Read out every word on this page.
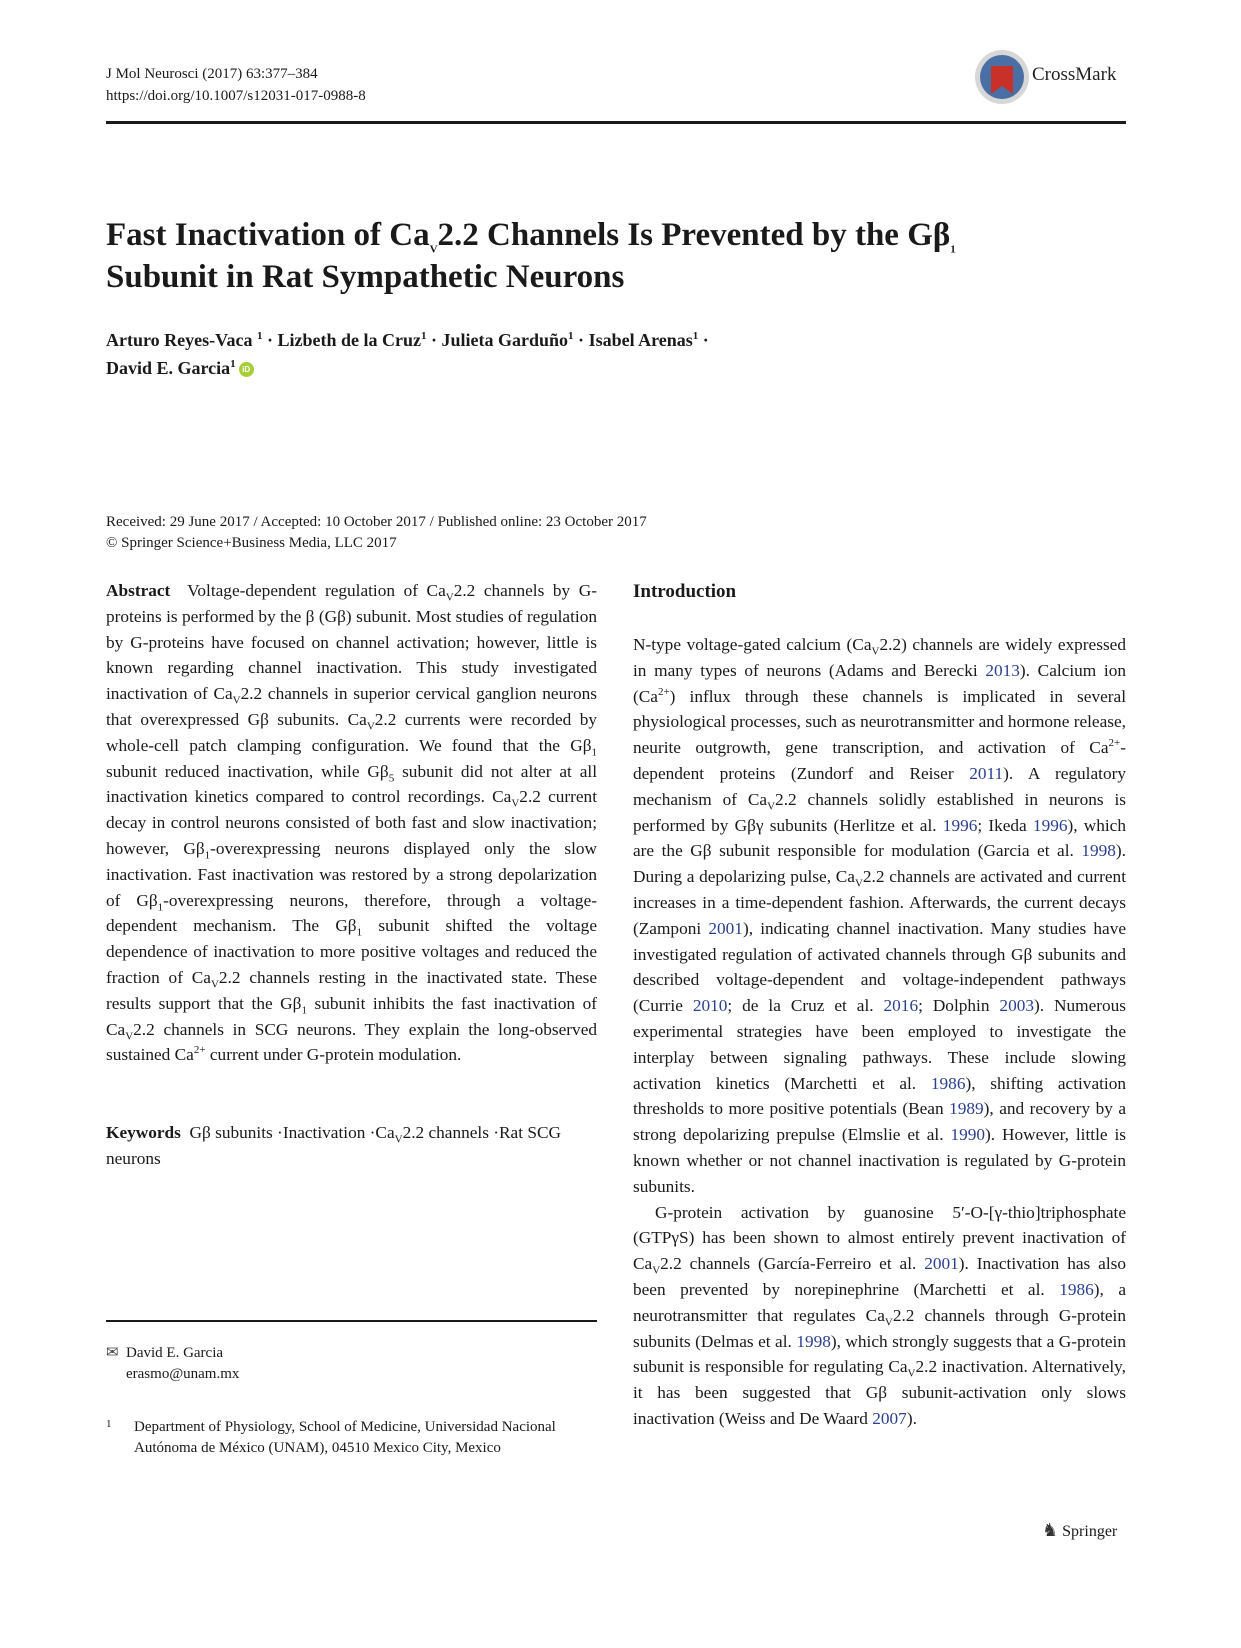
J Mol Neurosci (2017) 63:377–384
https://doi.org/10.1007/s12031-017-0988-8
CrossMark
Fast Inactivation of $Ca_V2.2$ Channels Is Prevented by the $G\beta_1$
Subunit in Rat Sympathetic Neurons
Arturo Reyes-Vaca $^1$ · Lizbeth de la Cruz$^1$ · Julieta Garduño$^1$ · Isabel Arenas$^1$ ·
David E. Garcia$^1$ iD
Received: 29 June 2017 / Accepted: 10 October 2017 / Published online: 23 October 2017
© Springer Science+Business Media, LLC 2017

Abstract  Voltage-dependent regulation of $Ca_V2.2$ channels by G-proteins is performed by the β (Gβ) subunit. Most studies of regulation by G-proteins have focused on channel activation; however, little is known regarding channel inactivation. This study investigated inactivation of $Ca_V2.2$ channels in superior cervical ganglion neurons that overexpressed Gβ subunits. $Ca_V2.2$ currents were recorded by whole-cell patch clamping configuration. We found that the $G\beta_1$ subunit reduced inactivation, while $G\beta_5$ subunit did not alter at all inactivation kinetics compared to control recordings. $Ca_V2.2$ current decay in control neurons consisted of both fast and slow inactivation; however, $G\beta_1$-overexpressing neurons displayed only the slow inactivation. Fast inactivation was restored by a strong depolarization of $G\beta_1$-overexpressing neurons, therefore, through a voltage-dependent mechanism. The $G\beta_1$ subunit shifted the voltage dependence of inactivation to more positive voltages and reduced the fraction of $Ca_V2.2$ channels resting in the inactivated state. These results support that the $G\beta_1$ subunit inhibits the fast inactivation of $Ca_V2.2$ channels in SCG neurons. They explain the long-observed sustained $Ca^{2+}$ current under G-protein modulation.

Keywords  Gβ subunits ·Inactivation $\cdot Ca_V2.2$ channels ·Rat SCG neurons

✉ David E. Garcia
erasmo@unam.mx
1 Department of Physiology, School of Medicine, Universidad Nacional Autónoma de México (UNAM), 04510 Mexico City, Mexico
Introduction

N-type voltage-gated calcium $(Ca_V2.2)$ channels are widely expressed in many types of neurons (Adams and Berecki 2013). Calcium ion $(Ca^{2+})$ influx through these channels is implicated in several physiological processes, such as neurotransmitter and hormone release, neurite outgrowth, gene transcription, and activation of $Ca^{2+}$-dependent proteins (Zundorf and Reiser 2011). A regulatory mechanism of $Ca_V2.2$ channels solidly established in neurons is performed by Gβγ subunits (Herlitze et al. 1996; Ikeda 1996), which are the Gβ subunit responsible for modulation (Garcia et al. 1998). During a depolarizing pulse, $Ca_V2.2$ channels are activated and current increases in a time-dependent fashion. Afterwards, the current decays (Zamponi 2001), indicating channel inactivation. Many studies have investigated regulation of activated channels through Gβ subunits and described voltage-dependent and voltage-independent pathways (Currie 2010; de la Cruz et al. 2016; Dolphin 2003). Numerous experimental strategies have been employed to investigate the interplay between signaling pathways. These include slowing activation kinetics (Marchetti et al. 1986), shifting activation thresholds to more positive potentials (Bean 1989), and recovery by a strong depolarizing prepulse (Elmslie et al. 1990). However, little is known whether or not channel inactivation is regulated by G-protein subunits.

G-protein activation by guanosine 5′-O-[γ-thio]triphosphate (GTPγS) has been shown to almost entirely prevent inactivation of $Ca_V2.2$ channels (García-Ferreiro et al. 2001). Inactivation has also been prevented by norepinephrine (Marchetti et al. 1986), a neurotransmitter that regulates $Ca_V2.2$ channels through G-protein subunits (Delmas et al. 1998), which strongly suggests that a G-protein subunit is responsible for regulating $Ca_V2.2$ inactivation. Alternatively, it has been suggested that Gβ subunit-activation only slows inactivation (Weiss and De Waard 2007).

♞ Springer
